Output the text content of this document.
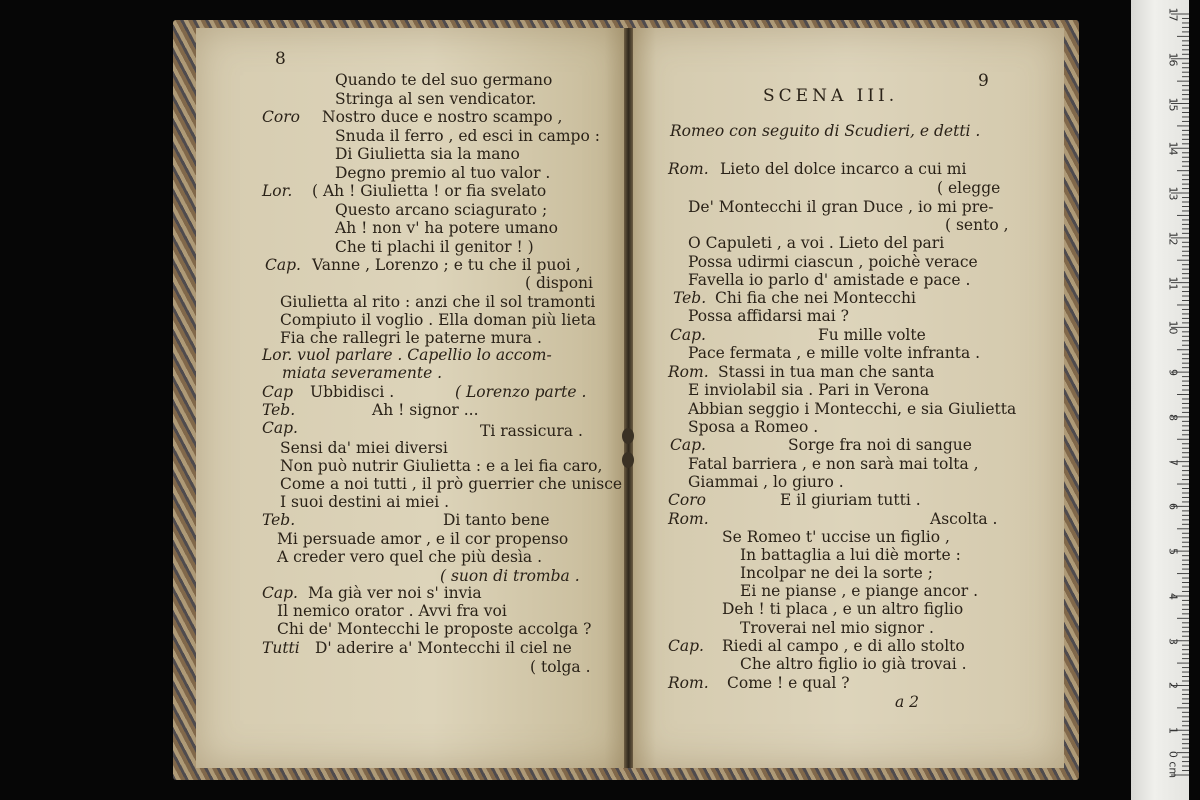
8
9
SCENA III.
Quando te del suo germano
Stringa al sen vendicator.
Coro Nostro duce e nostro scampo ,
Snuda il ferro , ed esci in campo :
Di Giulietta sia la mano
Degno premio al tuo valor .
Lor. ( Ah ! Giulietta ! or fia svelato
Questo arcano sciagurato ;
Ah ! non v' ha potere umano
Che ti plachi il genitor ! )
Cap. Vanne , Lorenzo ; e tu che il puoi ,
( disponi
Giulietta al rito : anzi che il sol tramonti
Compiuto il voglio . Ella doman più lieta
Fia che rallegri le paterne mura .
Lor. vuol parlare . Capellio lo accom-
miata severamente .
Cap Ubbidisci .	( Lorenzo parte .
Teb.	Ah ! signor ...
Cap.	Ti rassicura .
Sensi da' miei diversi
Non può nutrir Giulietta : e a lei fia caro,
Come a noi tutti , il prò guerrier che unisce
I suoi destini ai miei .
Teb.	Di tanto bene
Mi persuade amor , e il cor propenso
A creder vero quel che più desìa .
( suon di tromba .
Cap. Ma già ver noi s' invia
Il nemico orator . Avvi fra voi
Chi de' Montecchi le proposte accolga ?
Tutti D' aderire a' Montecchi il ciel ne
( tolga .
Romeo con seguito di Scudieri, e detti .
Rom. Lieto del dolce incarco a cui mi
( elegge
De' Montecchi il gran Duce , io mi pre-
( sento ,
O Capuleti , a voi . Lieto del pari
Possa udirmi ciascun , poichè verace
Favella io parlo d' amistade e pace .
Teb. Chi fia che nei Montecchi
Possa affidarsi mai ?
Cap.	Fu mille volte
Pace fermata , e mille volte infranta .
Rom. Stassi in tua man che santa
E inviolabil sia . Pari in Verona
Abbian seggio i Montecchi, e sia Giulietta
Sposa a Romeo .
Cap.	Sorge fra noi di sangue
Fatal barriera , e non sarà mai tolta ,
Giammai , lo giuro .
Coro	E il giuriam tutti .
Rom.	Ascolta .
Se Romeo t' uccise un figlio ,
In battaglia a lui diè morte :
Incolpar ne dei la sorte ;
Ei ne pianse , e piange ancor .
Deh ! ti placa , e un altro figlio
Troverai nel mio signor .
Cap. Riedi al campo , e di allo stolto
Che altro figlio io già trovai .
Rom. Come ! e qual ?
a 2
17
16
15
14
13
12
11
10
9
8
7
6
5
4
3
2
1
0 cm
